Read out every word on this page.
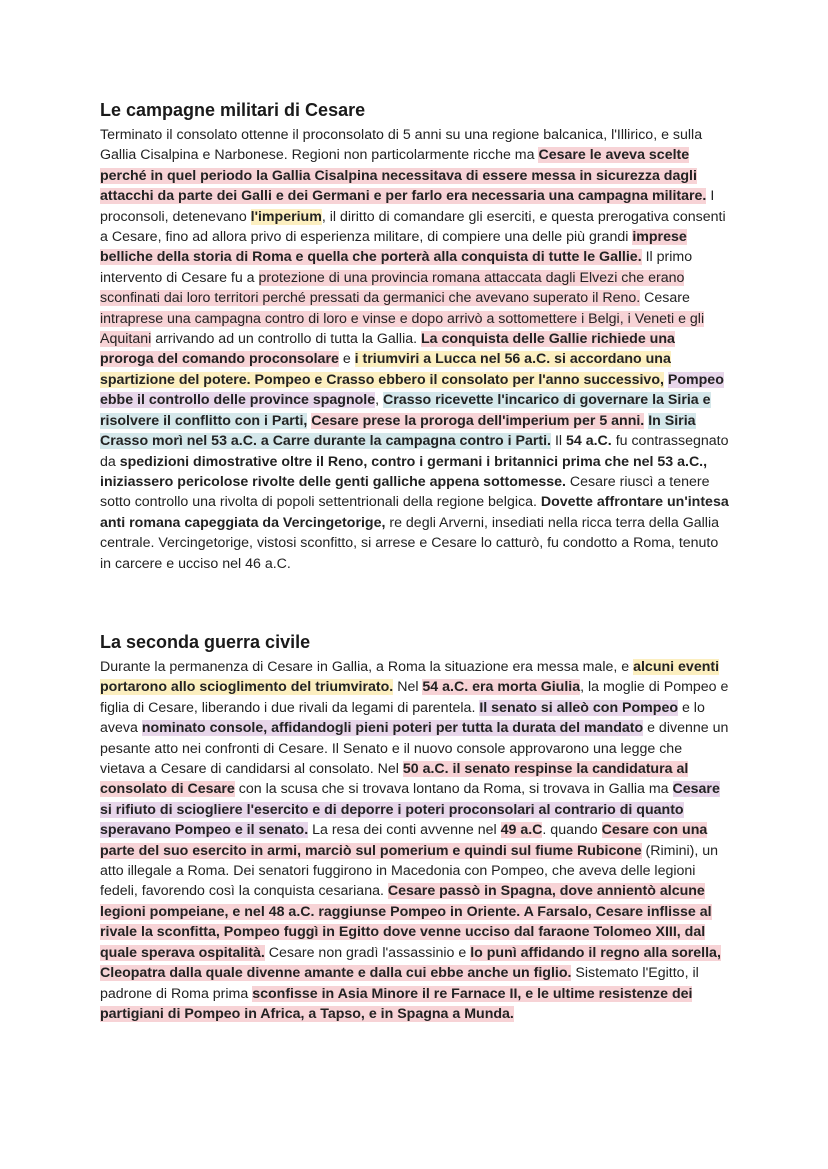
Le campagne militari di Cesare

Terminato il consolato ottenne il proconsolato di 5 anni su una regione balcanica, l'Illirico, e sulla Gallia Cisalpina e Narbonese. Regioni non particolarmente ricche ma Cesare le aveva scelte perché in quel periodo la Gallia Cisalpina necessitava di essere messa in sicurezza dagli attacchi da parte dei Galli e dei Germani e per farlo era necessaria una campagna militare. I proconsoli, detenevano l'imperium, il diritto di comandare gli eserciti, e questa prerogativa consenti a Cesare, fino ad allora privo di esperienza militare, di compiere una delle più grandi imprese belliche della storia di Roma e quella che porterà alla conquista di tutte le Gallie. Il primo intervento di Cesare fu a protezione di una provincia romana attaccata dagli Elvezi che erano sconfinati dai loro territori perché pressati da germanici che avevano superato il Reno. Cesare intraprese una campagna contro di loro e vinse e dopo arrivò a sottomettere i Belgi, i Veneti e gli Aquitani arrivando ad un controllo di tutta la Gallia. La conquista delle Gallie richiede una proroga del comando proconsolare e i triumviri a Lucca nel 56 a.C. si accordano una spartizione del potere. Pompeo e Crasso ebbero il consolato per l'anno successivo, Pompeo ebbe il controllo delle province spagnole, Crasso ricevette l'incarico di governare la Siria e risolvere il conflitto con i Parti, Cesare prese la proroga dell'imperium per 5 anni. In Siria Crasso morì nel 53 a.C. a Carre durante la campagna contro i Parti. Il 54 a.C. fu contrassegnato da spedizioni dimostrative oltre il Reno, contro i germani i britannici prima che nel 53 a.C., iniziassero pericolose rivolte delle genti galliche appena sottomesse. Cesare riuscì a tenere sotto controllo una rivolta di popoli settentrionali della regione belgica. Dovette affrontare un'intesa anti romana capeggiata da Vercingetorige, re degli Arverni, insediati nella ricca terra della Gallia centrale. Vercingetorige, vistosi sconfitto, si arrese e Cesare lo catturò, fu condotto a Roma, tenuto in carcere e ucciso nel 46 a.C.

La seconda guerra civile

Durante la permanenza di Cesare in Gallia, a Roma la situazione era messa male, e alcuni eventi portarono allo scioglimento del triumvirato. Nel 54 a.C. era morta Giulia, la moglie di Pompeo e figlia di Cesare, liberando i due rivali da legami di parentela. Il senato si alleò con Pompeo e lo aveva nominato console, affidandogli pieni poteri per tutta la durata del mandato e divenne un pesante atto nei confronti di Cesare. Il Senato e il nuovo console approvarono una legge che vietava a Cesare di candidarsi al consolato. Nel 50 a.C. il senato respinse la candidatura al consolato di Cesare con la scusa che si trovava lontano da Roma, si trovava in Gallia ma Cesare si rifiuto di sciogliere l'esercito e di deporre i poteri proconsolari al contrario di quanto speravano Pompeo e il senato. La resa dei conti avvenne nel 49 a.C. quando Cesare con una parte del suo esercito in armi, marciò sul pomerium e quindi sul fiume Rubicone (Rimini), un atto illegale a Roma. Dei senatori fuggirono in Macedonia con Pompeo, che aveva delle legioni fedeli, favorendo così la conquista cesariana. Cesare passò in Spagna, dove annientò alcune legioni pompeiane, e nel 48 a.C. raggiunse Pompeo in Oriente. A Farsalo, Cesare inflisse al rivale la sconfitta, Pompeo fuggì in Egitto dove venne ucciso dal faraone Tolomeo XIII, dal quale sperava ospitalità. Cesare non gradì l'assassinio e lo punì affidando il regno alla sorella, Cleopatra dalla quale divenne amante e dalla cui ebbe anche un figlio. Sistemato l'Egitto, il padrone di Roma prima sconfisse in Asia Minore il re Farnace II, e le ultime resistenze dei partigiani di Pompeo in Africa, a Tapso, e in Spagna a Munda.
